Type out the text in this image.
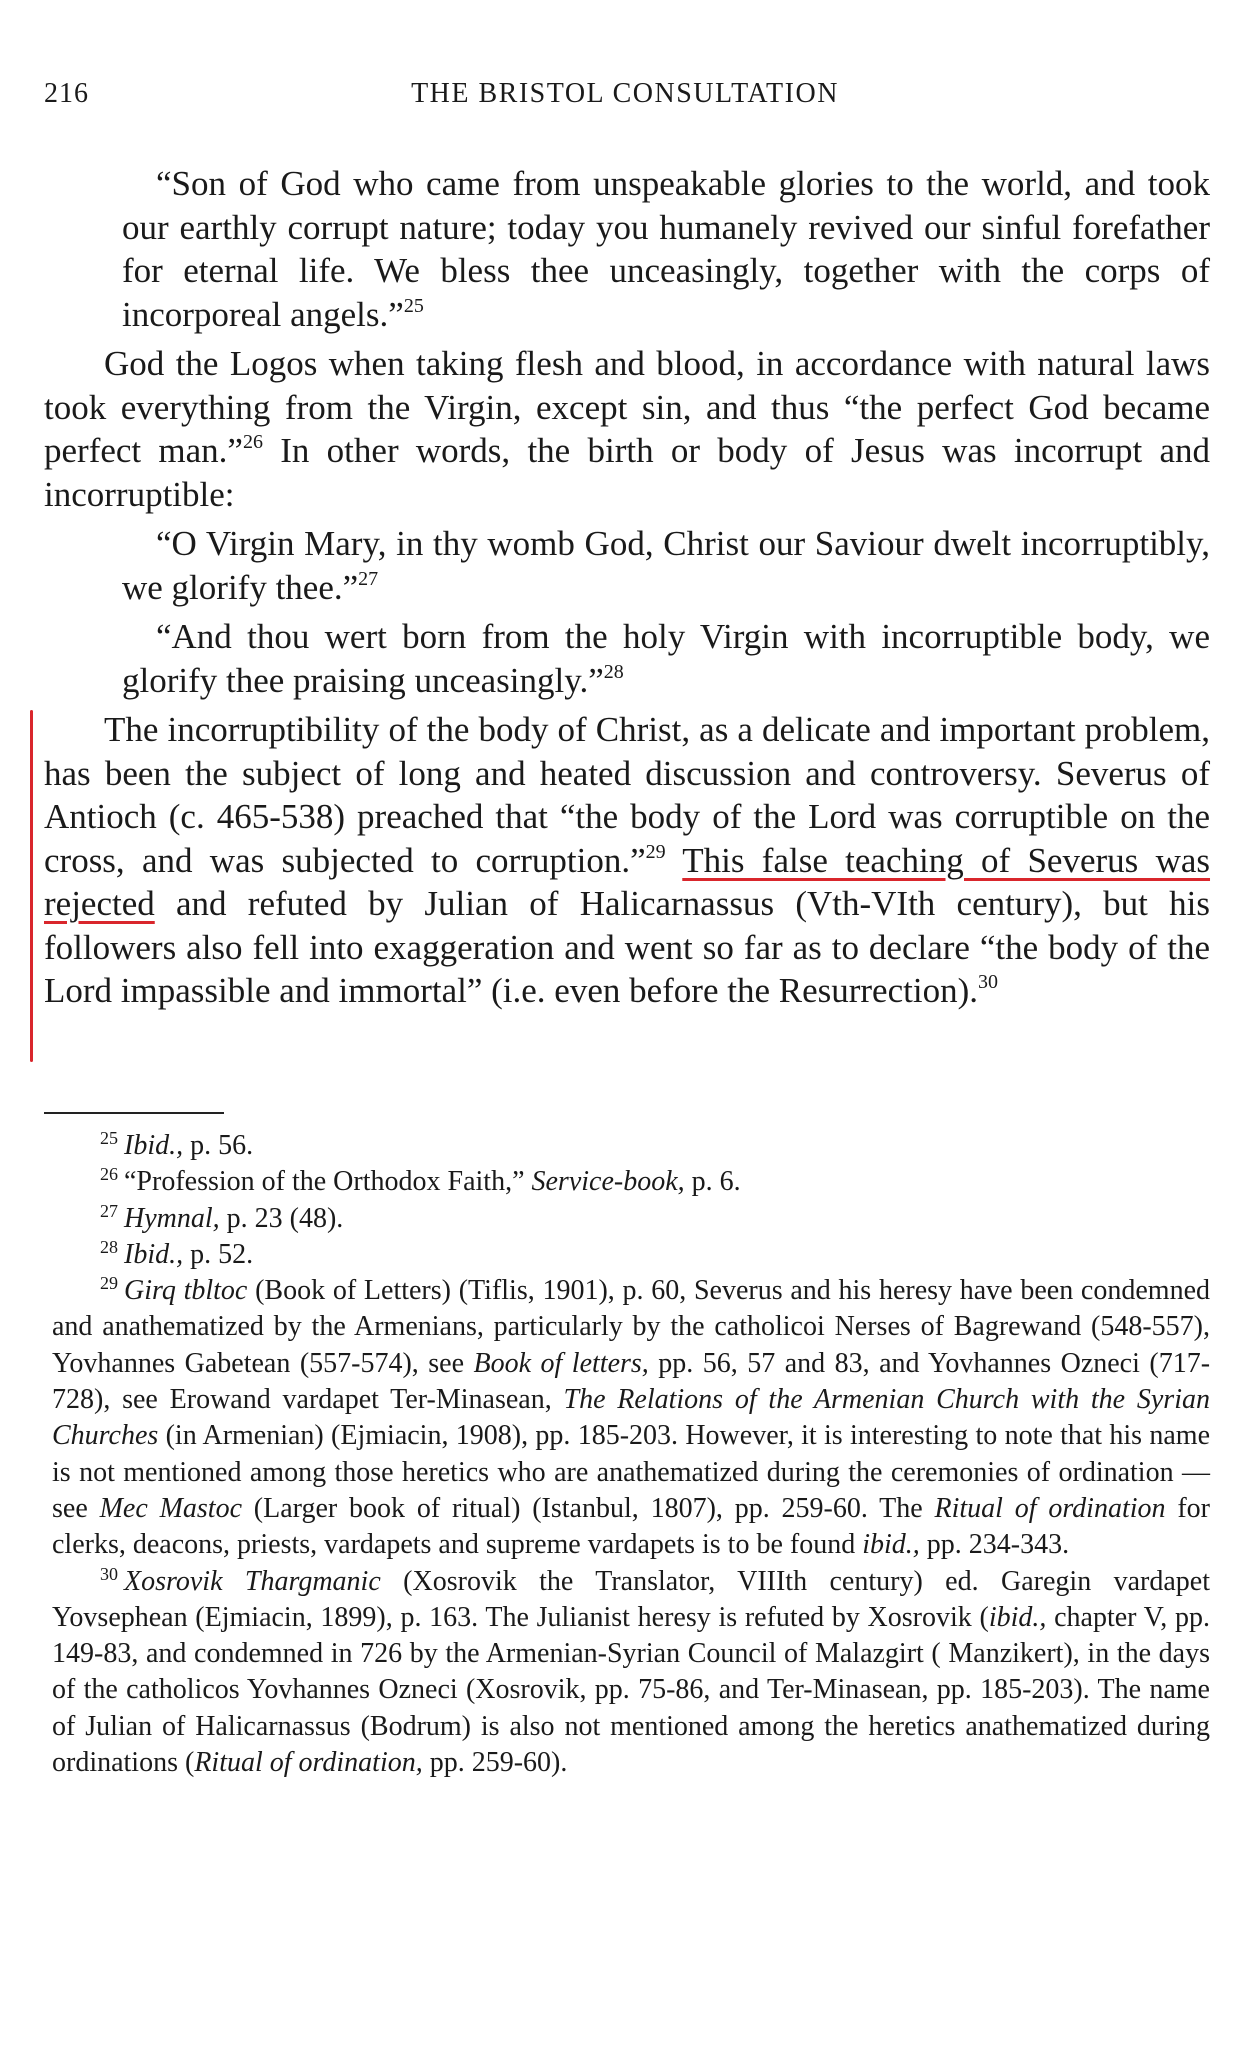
216	THE BRISTOL CONSULTATION

“Son of God who came from unspeakable glories to the world, and took our earthly corrupt nature; today you humanely revived our sinful forefather for eternal life. We bless thee unceasingly, together with the corps of incorporeal angels.”$^{25}$

God the Logos when taking flesh and blood, in accordance with natural laws took everything from the Virgin, except sin, and thus “the perfect God became perfect man.”$^{26}$ In other words, the birth or body of Jesus was incorrupt and incorruptible:

“O Virgin Mary, in thy womb God, Christ our Saviour dwelt incorruptibly, we glorify thee.”$^{27}$

“And thou wert born from the holy Virgin with incorruptible body, we glorify thee praising unceasingly.”$^{28}$

The incorruptibility of the body of Christ, as a delicate and important problem, has been the subject of long and heated discussion and controversy. Severus of Antioch (c. 465-538) preached that “the body of the Lord was corruptible on the cross, and was subjected to corruption.”$^{29}$ This false teaching of Severus was rejected and refuted by Julian of Halicarnassus (Vth-VIth century), but his followers also fell into exaggeration and went so far as to declare “the body of the Lord impassible and immortal” (i.e. even before the Resurrection).$^{30}$

$^{25}$ Ibid., p. 56.

$^{26}$ “Profession of the Orthodox Faith,” Service-book, p. 6.

$^{27}$ Hymnal, p. 23 (48).

$^{28}$ Ibid., p. 52.

$^{29}$ Girq tbltoc (Book of Letters) (Tiflis, 1901), p. 60, Severus and his heresy have been condemned and anathematized by the Armenians, particularly by the catholicoi Nerses of Bagrewand (548-557), Yovhannes Gabetean (557-574), see Book of letters, pp. 56, 57 and 83, and Yovhannes Ozneci (717-728), see Erowand vardapet Ter-Minasean, The Relations of the Armenian Church with the Syrian Churches (in Armenian) (Ejmiacin, 1908), pp. 185-203. However, it is interesting to note that his name is not mentioned among those heretics who are anathematized during the ceremonies of ordination — see Mec Mastoc (Larger book of ritual) (Istanbul, 1807), pp. 259-60. The Ritual of ordination for clerks, deacons, priests, vardapets and supreme vardapets is to be found ibid., pp. 234-343.

$^{30}$ Xosrovik Thargmanic (Xosrovik the Translator, VIIIth century) ed. Garegin vardapet Yovsephean (Ejmiacin, 1899), p. 163. The Julianist heresy is refuted by Xosrovik (ibid., chapter V, pp. 149-83, and condemned in 726 by the Armenian-Syrian Council of Malazgirt ( Manzikert), in the days of the catholicos Yovhannes Ozneci (Xosrovik, pp. 75-86, and Ter-Minasean, pp. 185-203). The name of Julian of Halicarnassus (Bodrum) is also not mentioned among the heretics anathematized during ordinations (Ritual of ordination, pp. 259-60).
